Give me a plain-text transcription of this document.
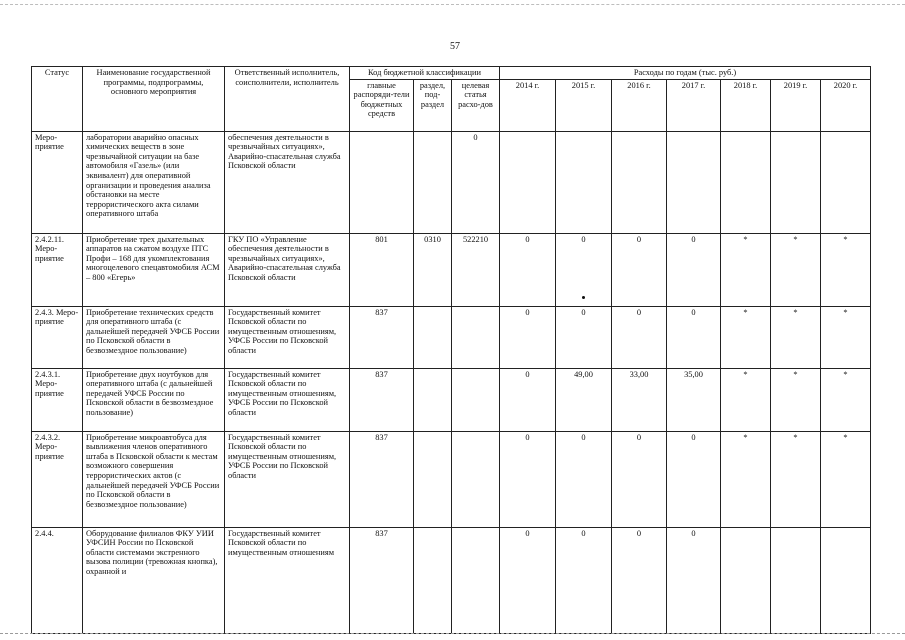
57
Статус	Наименование государственной программы, подпрограммы, основного мероприятия	Ответственный исполнитель, соисполнители, исполнитель	Код бюджетной классификации			Расходы по годам (тыс. руб.)						
			главные распоряди-тели бюджетных средств	раздел, под-раздел	целевая статья расхо-дов	2014 г.	2015 г.	2016 г.	2017 г.	2018 г.	2019 г.	2020 г.
Меро-приятие	лаборатории аварийно опасных химических веществ в зоне чрезвычайной ситуации на базе автомобиля «Газель» (или эквивалент) для оперативной организации и проведения анализа обстановки на месте террористического акта силами оперативного штаба	обеспечения деятельности в чрезвычайных ситуациях», Аварийно-спасательная служба Псковской области			0							
2.4.2.11. Меро-приятие	Приобретение трех дыхательных аппаратов на сжатом воздухе ПТС Профи – 168 для укомплектования многоцелевого спецавтомобиля АСМ – 800 «Егерь»	ГКУ ПО «Управление обеспечения деятельности в чрезвычайных ситуациях», Аварийно-спасательная служба Псковской области	801	0310	522210	0	0	0	0	*	*	*
2.4.3. Меро-приятие	Приобретение технических средств для оперативного штаба (с дальнейшей передачей УФСБ России по Псковской области в безвозмездное пользование)	Государственный комитет Псковской области по имущественным отношениям, УФСБ России по Псковской области	837			0	0	0	0	*	*	*
2.4.3.1. Меро-приятие	Приобретение двух ноутбуков для оперативного штаба (с дальнейшей передачей УФСБ России по Псковской области в безвозмездное пользование)	Государственный комитет Псковской области по имущественным отношениям, УФСБ России по Псковской области	837			0	49,00	33,00	35,00	*	*	*
2.4.3.2. Меро-приятие	Приобретение микроавтобуса для вывлижения членов оперативного штаба в Псковской области к местам возможного совершения террористических актов (с дальнейшей передачей УФСБ России по Псковской области в безвозмездное пользование)	Государственный комитет Псковской области по имущественным отношениям, УФСБ России по Псковской области	837			0	0	0	0	*	*	*
2.4.4.	Оборудование филиалов ФКУ УИИ УФСИН России по Псковской области системами экстренного вызова полиции (тревожная кнопка), охранной и	Государственный комитет Псковской области по имущественным отношениям	837			0	0	0	0			
